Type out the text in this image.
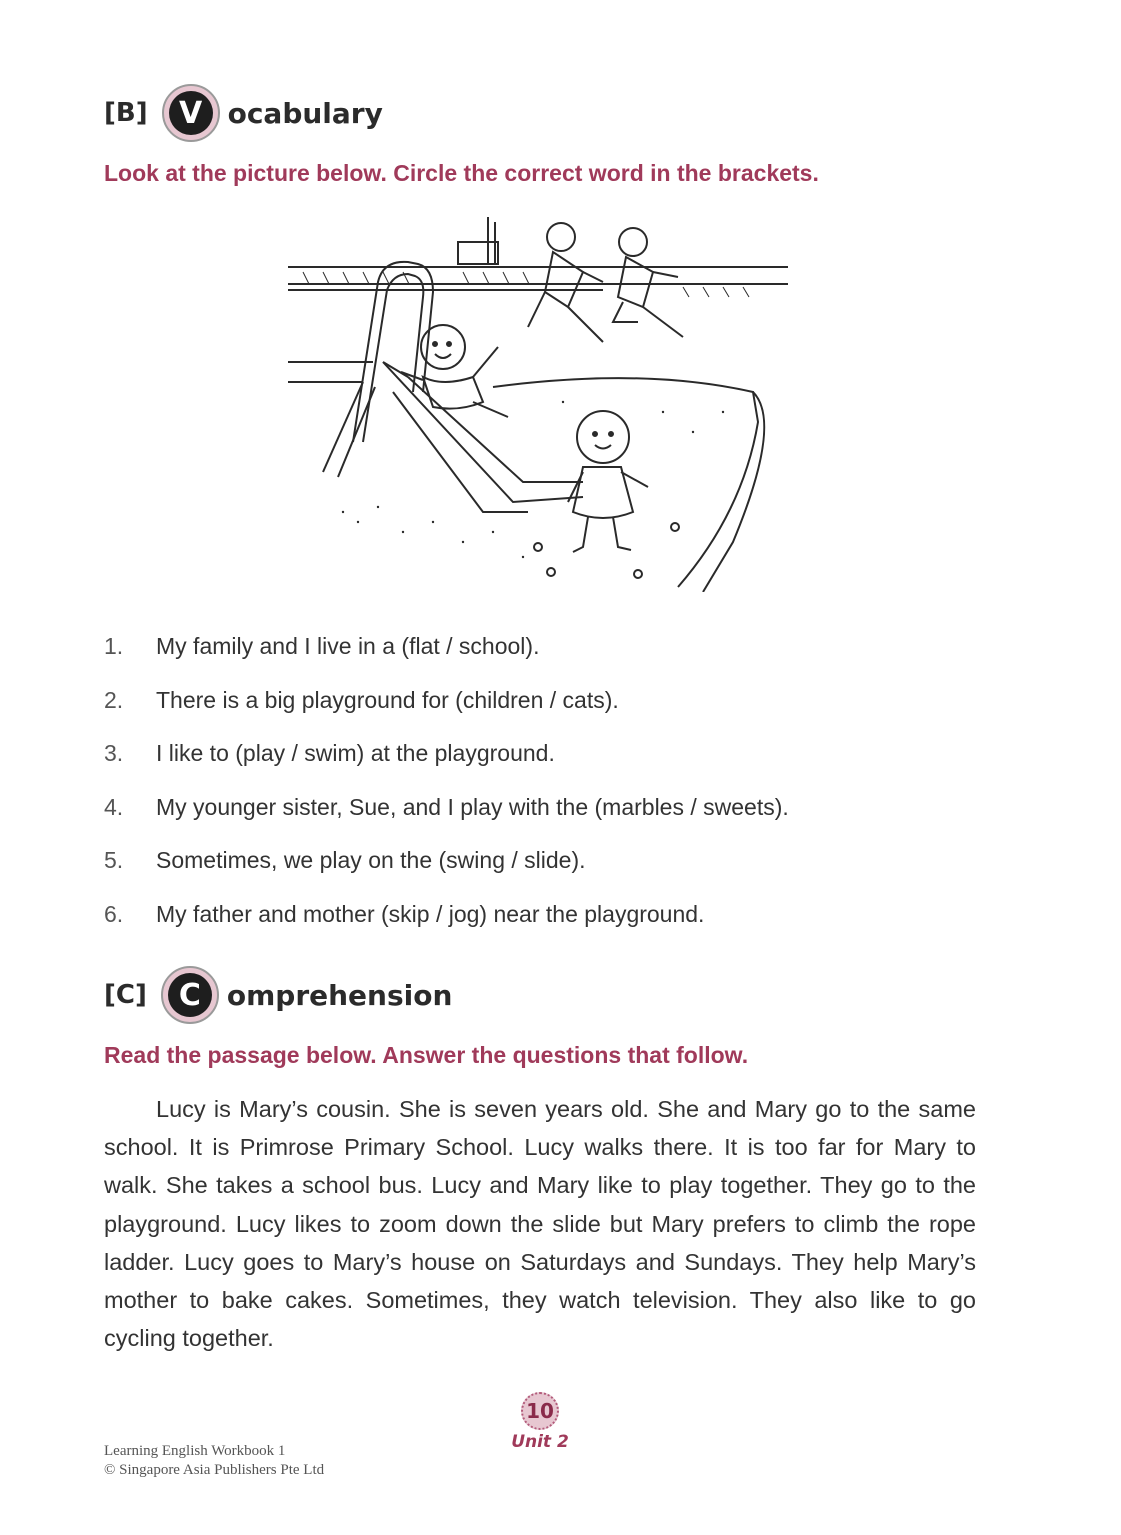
[B]	V ocabulary
Look at the picture below. Circle the correct word in the brackets.
1.	My family and I live in a (flat / school).
2.	There is a big playground for (children / cats).
3.	I like to (play / swim) at the playground.
4.	My younger sister, Sue, and I play with the (marbles / sweets).
5.	Sometimes, we play on the (swing / slide).
6.	My father and mother (skip / jog) near the playground.
[C]	C omprehension
Read the passage below. Answer the questions that follow.

Lucy is Mary’s cousin. She is seven years old. She and Mary go to the same school. It is Primrose Primary School. Lucy walks there. It is too far for Mary to walk. She takes a school bus. Lucy and Mary like to play together. They go to the playground. Lucy likes to zoom down the slide but Mary prefers to climb the rope ladder. Lucy goes to Mary’s house on Saturdays and Sundays. They help Mary’s mother to bake cakes. Sometimes, they watch television. They also like to go cycling together.

Learning English Workbook 1
© Singapore Asia Publishers Pte Ltd
10
Unit 2
